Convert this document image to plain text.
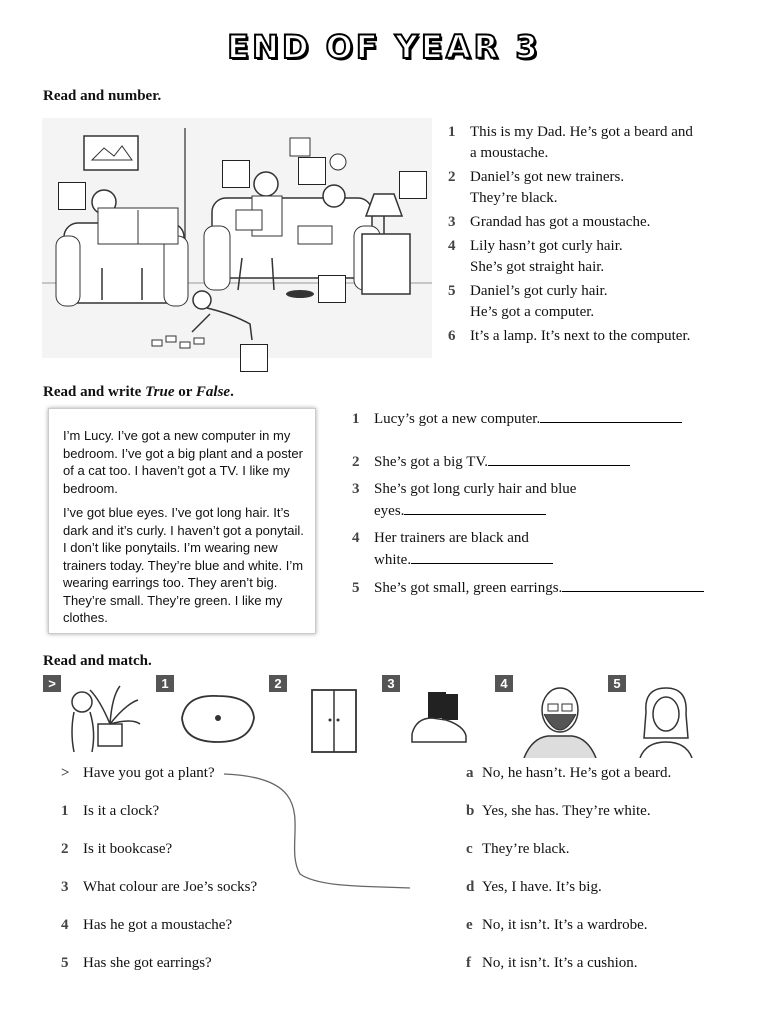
END OF YEAR 3
Read and number.
1 This is my Dad. He’s got a beard and
a moustache.
2 Daniel’s got new trainers.
They’re black.
3 Grandad has got a moustache.
4 Lily hasn’t got curly hair.
She’s got straight hair.
5 Daniel’s got curly hair.
He’s got a computer.
6 It’s a lamp. It’s next to the computer.
Read and write True or False.

I’m Lucy. I’ve got a new computer in my bedroom. I’ve got a big plant and a poster of a cat too. I haven’t got a TV. I like my bedroom.

I’ve got blue eyes. I’ve got long hair. It’s dark and it’s curly. I haven’t got a ponytail. I don’t like ponytails. I’m wearing new trainers today. They’re blue and white. I’m wearing earrings too. They aren’t big. They’re small. They’re green. I like my clothes.

1 Lucy’s got a new computer.
2 She’s got a big TV.
3 She’s got long curly hair and blue
eyes.
4 Her trainers are black and
white.
5 She’s got small, green earrings.
Read and match.
>	1	2	3	4	5
> Have you got a plant?
1 Is it a clock?
2 Is it bookcase?
3 What colour are Joe’s socks?
4 Has he got a moustache?
5 Has she got earrings?
a No, he hasn’t. He’s got a beard.
b Yes, she has. They’re white.
c They’re black.
d Yes, I have. It’s big.
e No, it isn’t. It’s a wardrobe.
f No, it isn’t. It’s a cushion.
